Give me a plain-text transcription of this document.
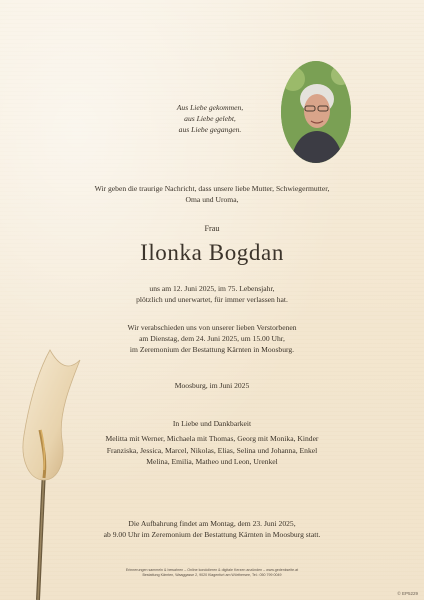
Aus Liebe gekommen,
aus Liebe gelebt,
aus Liebe gegangen.
Wir geben die traurige Nachricht, dass unsere liebe Mutter, Schwiegermutter,
Oma und Uroma,
Frau
Ilonka Bogdan
uns am 12. Juni 2025, im 75. Lebensjahr,
plötzlich und unerwartet, für immer verlassen hat.
Wir verabschieden uns von unserer lieben Verstorbenen
am Dienstag, dem 24. Juni 2025, um 15.00 Uhr,
im Zeremonium der Bestattung Kärnten in Moosburg.
Moosburg, im Juni 2025
In Liebe und Dankbarkeit
Melitta mit Werner, Michaela mit Thomas, Georg mit Monika, Kinder
Franziska, Jessica, Marcel, Nikolas, Elias, Selina und Johanna, Enkel
Melina, Emilia, Matheo und Leon, Urenkel
Die Aufbahrung findet am Montag, dem 23. Juni 2025,
ab 9.00 Uhr im Zeremonium der Bestattung Kärnten in Moosburg statt.
Erinnerungen sammeln & bewahren – Online kondolieren & digitale Kerzen anzünden – www.gedenkseite.at
Bestattung Kärnten, Waaggasse 2, 9020 Klagenfurt am Wörthersee, Tel.: 050 799 0049
© EP5229
